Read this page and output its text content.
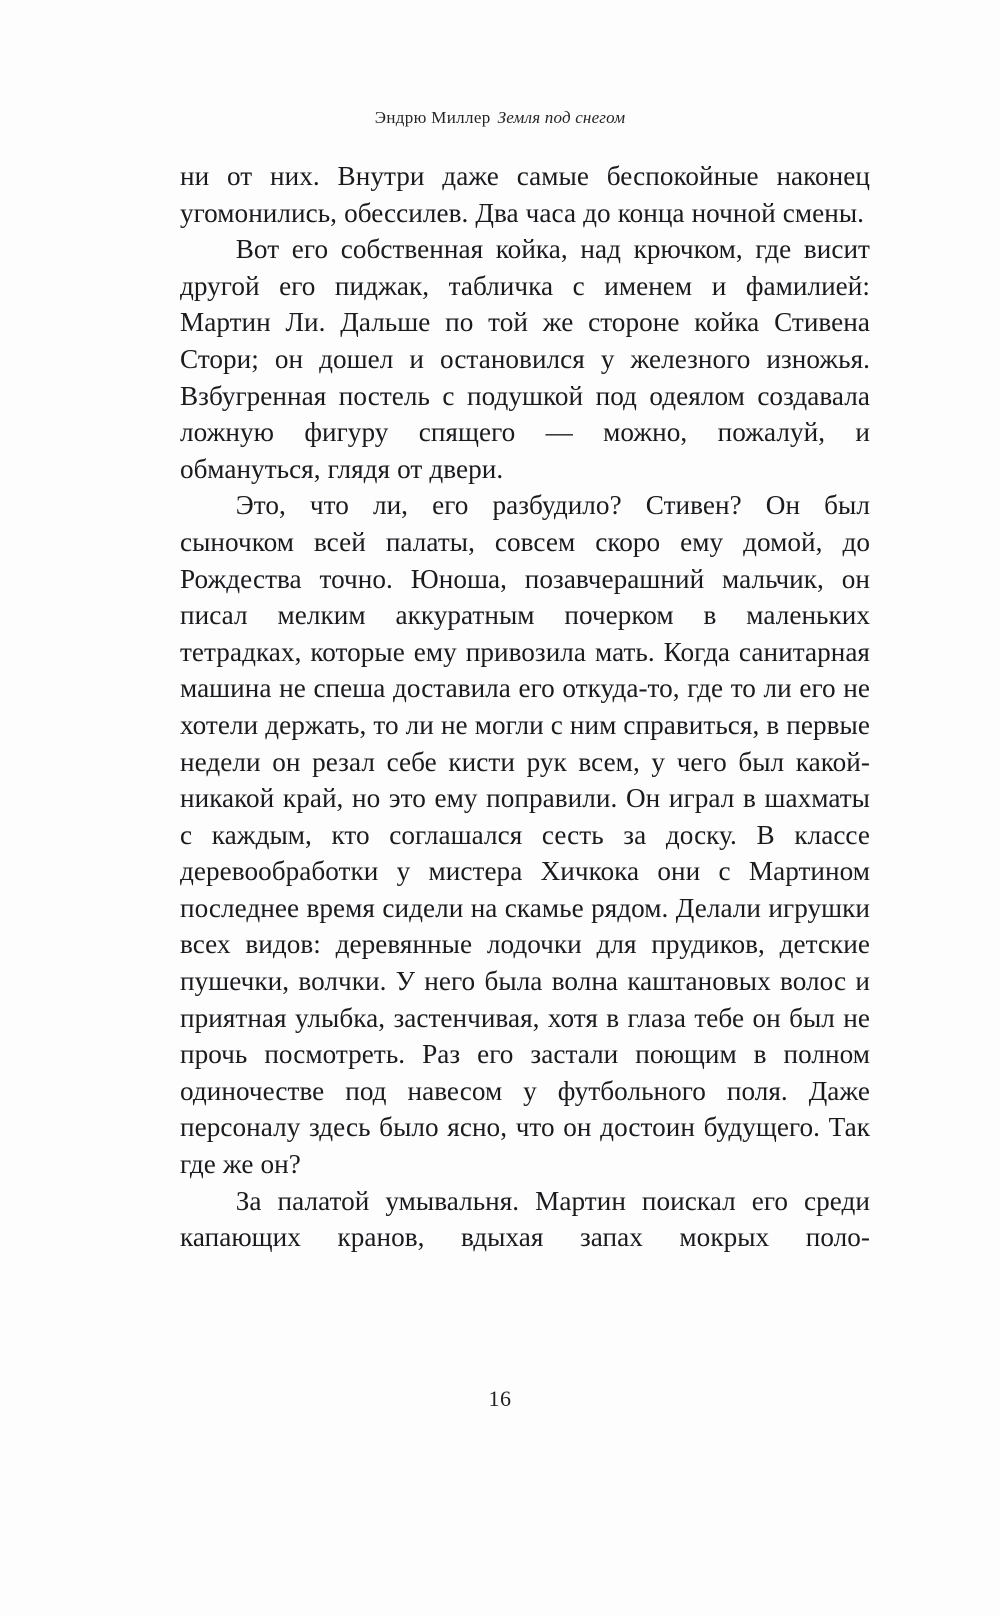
Эндрю Миллер Земля под снегом

ни от них. Внутри даже самые беспокойные наконец угомонились, обессилев. Два часа до конца ночной смены.

Вот его собственная койка, над крючком, где висит другой его пиджак, табличка с именем и фамилией: Мартин Ли. Дальше по той же стороне койка Стивена Стори; он дошел и остановился у железного изножья. Взбугренная постель с подушкой под одеялом создавала ложную фигуру спящего — можно, пожалуй, и обмануться, глядя от двери.

Это, что ли, его разбудило? Стивен? Он был сыночком всей палаты, совсем скоро ему домой, до Рождества точно. Юноша, позавчерашний мальчик, он писал мелким аккуратным почерком в маленьких тетрадках, которые ему привозила мать. Когда санитарная машина не спеша доставила его откуда-то, где то ли его не хотели держать, то ли не могли с ним справиться, в первые недели он резал себе кисти рук всем, у чего был какой-никакой край, но это ему поправили. Он играл в шахматы с каждым, кто соглашался сесть за доску. В классе деревообработки у мистера Хичкока они с Мартином последнее время сидели на скамье рядом. Делали игрушки всех видов: деревянные лодочки для прудиков, детские пушечки, волчки. У него была волна каштановых волос и приятная улыбка, застенчивая, хотя в глаза тебе он был не прочь посмотреть. Раз его застали поющим в полном одиночестве под навесом у футбольного поля. Даже персоналу здесь было ясно, что он достоин будущего. Так где же он?

За палатой умывальня. Мартин поискал его среди капающих кранов, вдыхая запах мокрых поло-

16
